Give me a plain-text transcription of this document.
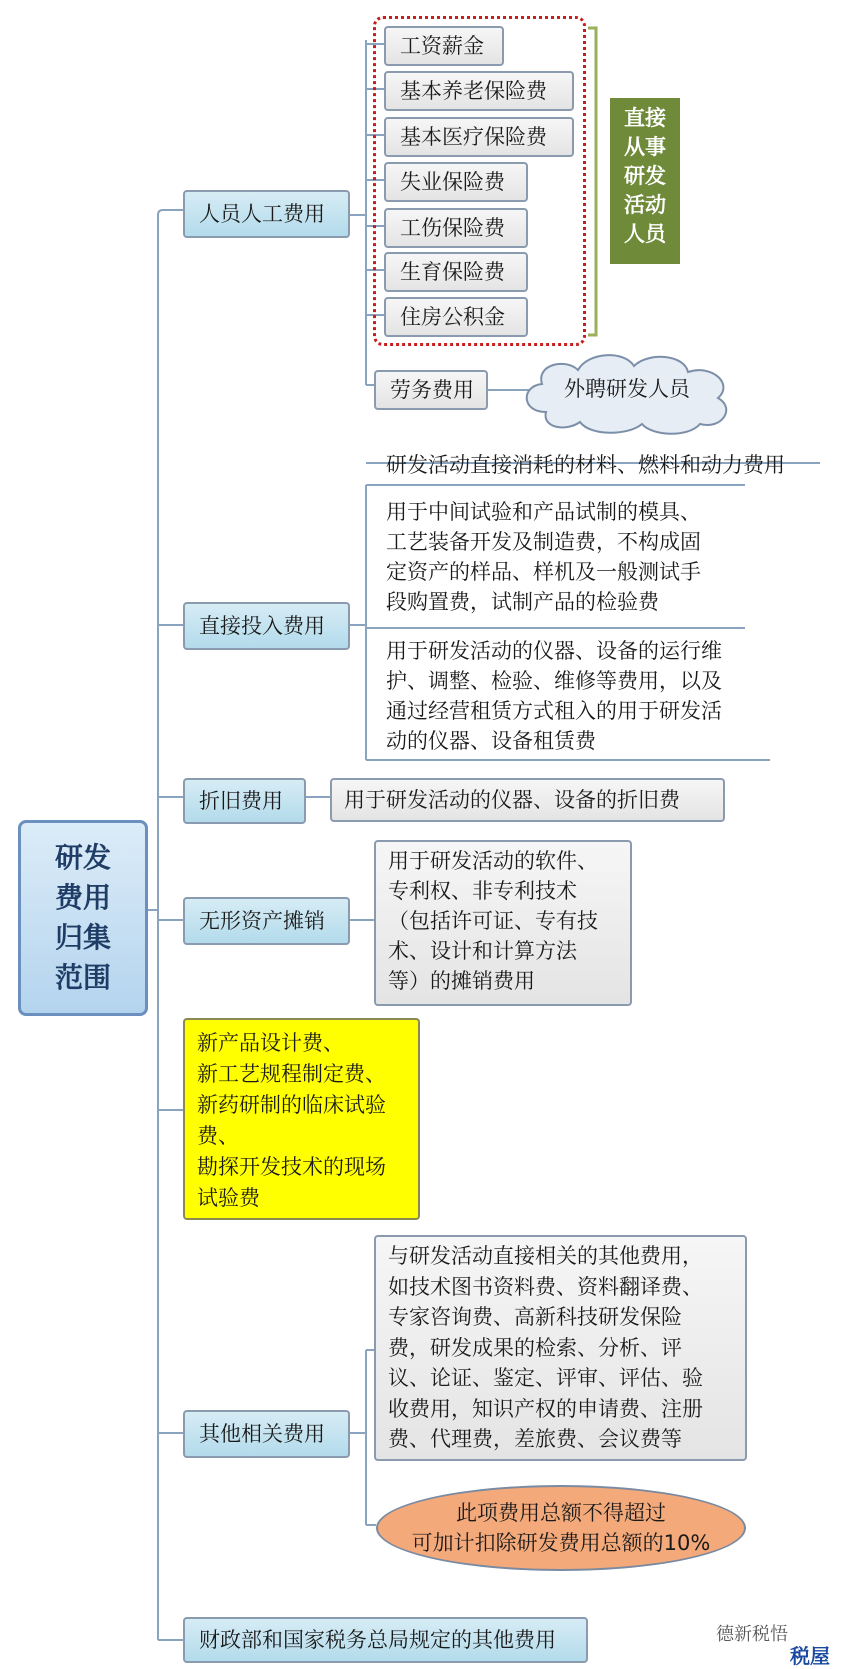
研发
费用
归集
范围
人员人工费用
工资薪金
基本养老保险费
基本医疗保险费
失业保险费
工伤保险费
生育保险费
住房公积金
直接
从事
研发
活动
人员
劳务费用	外聘研发人员
直接投入费用
研发活动直接消耗的材料、燃料和动力费用
用于中间试验和产品试制的模具、
工艺装备开发及制造费，不构成固
定资产的样品、样机及一般测试手
段购置费，试制产品的检验费
用于研发活动的仪器、设备的运行维
护、调整、检验、维修等费用，以及
通过经营租赁方式租入的用于研发活
动的仪器、设备租赁费
折旧费用	用于研发活动的仪器、设备的折旧费
无形资产摊销
用于研发活动的软件、
专利权、非专利技术
（包括许可证、专有技
术、设计和计算方法
等）的摊销费用
新产品设计费、
新工艺规程制定费、
新药研制的临床试验
费、
勘探开发技术的现场
试验费
其他相关费用
与研发活动直接相关的其他费用，
如技术图书资料费、资料翻译费、
专家咨询费、高新科技研发保险
费，研发成果的检索、分析、评
议、论证、鉴定、评审、评估、验
收费用，知识产权的申请费、注册
费、代理费，差旅费、会议费等
此项费用总额不得超过
可加计扣除研发费用总额的10%
财政部和国家税务总局规定的其他费用	德新税悟
税屋
